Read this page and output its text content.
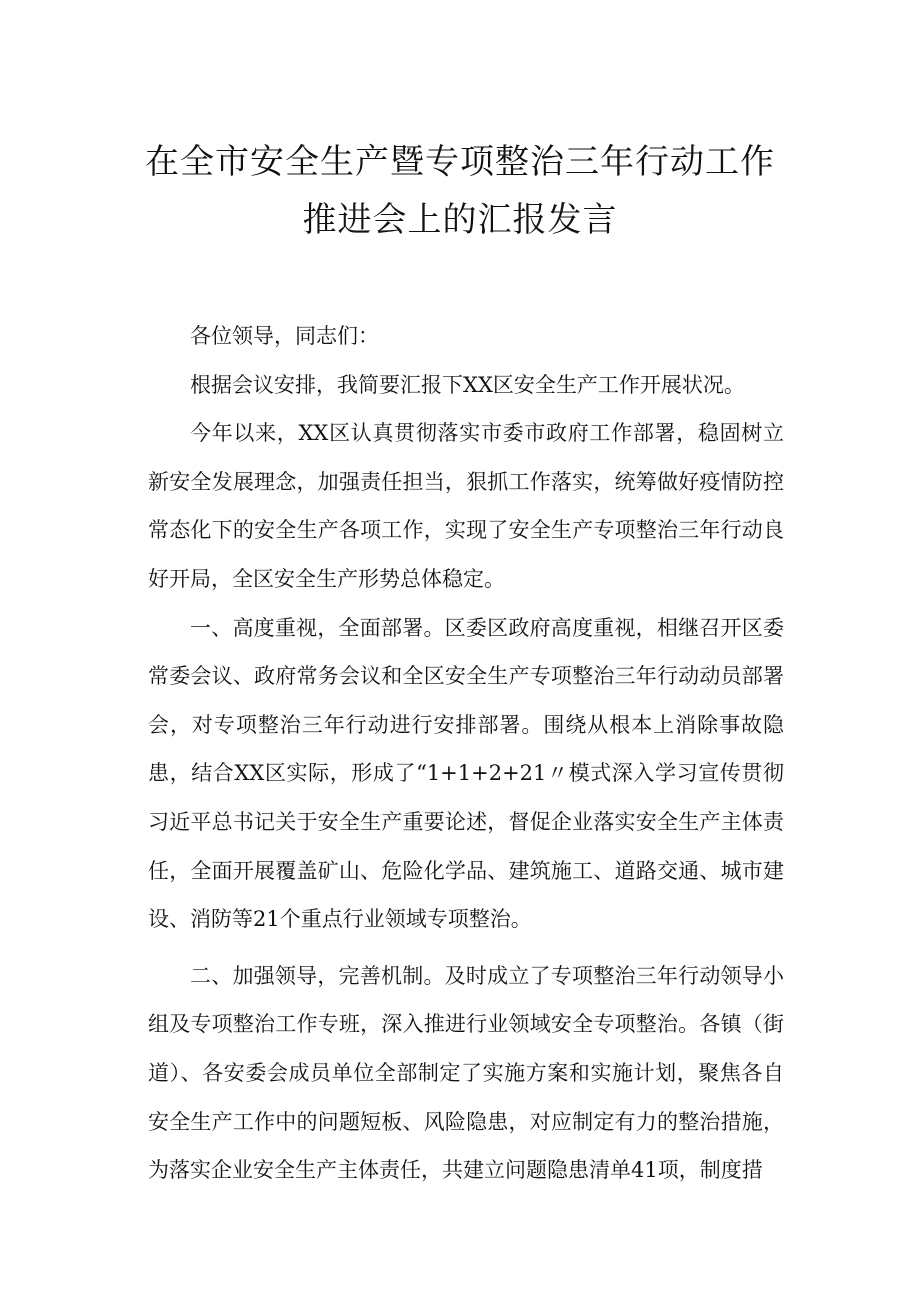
在全市安全生产暨专项整治三年行动工作
推进会上的汇报发言

各位领导，同志们：

根据会议安排，我简要汇报下XX区安全生产工作开展状况。

今年以来，XX区认真贯彻落实市委市政府工作部署，稳固树立新安全发展理念，加强责任担当，狠抓工作落实，统筹做好疫情防控常态化下的安全生产各项工作，实现了安全生产专项整治三年行动良好开局，全区安全生产形势总体稳定。

一、高度重视，全面部署。区委区政府高度重视，相继召开区委常委会议、政府常务会议和全区安全生产专项整治三年行动动员部署会，对专项整治三年行动进行安排部署。围绕从根本上消除事故隐患，结合XX区实际，形成了“1+1+2+21〃模式深入学习宣传贯彻习近平总书记关于安全生产重要论述，督促企业落实安全生产主体责任，全面开展覆盖矿山、危险化学品、建筑施工、道路交通、城市建设、消防等21个重点行业领域专项整治。

二、加强领导，完善机制。及时成立了专项整治三年行动领导小组及专项整治工作专班，深入推进行业领域安全专项整治。各镇（街道）、各安委会成员单位全部制定了实施方案和实施计划，聚焦各自安全生产工作中的问题短板、风险隐患，对应制定有力的整治措施，为落实企业安全生产主体责任，共建立问题隐患清单41项，制度措
